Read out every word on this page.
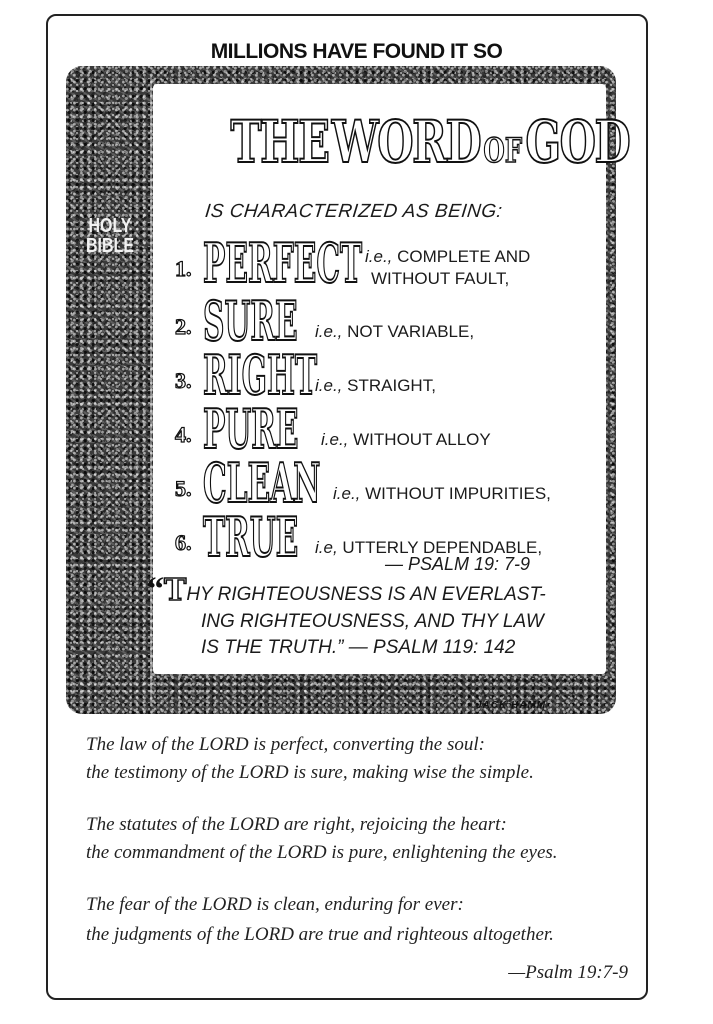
MILLIONS HAVE FOUND IT SO
HOLY
BIBLE
THE WORD OF GOD
IS CHARACTERIZED AS BEING:
1. PERFECT i.e., COMPLETE AND
WITHOUT FAULT,
2. SURE i.e., NOT VARIABLE,
3. RIGHT
i.e., STRAIGHT,
4. PURE i.e., WITHOUT ALLOY
5. CLEAN i.e., WITHOUT IMPURITIES,
6. TRUE i.e, UTTERLY DEPENDABLE,
— PSALM 19: 7-9
“THY RIGHTEOUSNESS IS AN EVERLAST-
ING RIGHTEOUSNESS, AND THY LAW
IS THE TRUTH.” — PSALM 119: 142
JACK HAMM
The law of the LORD is perfect, converting the soul:
the testimony of the LORD is sure, making wise the simple.
The statutes of the LORD are right, rejoicing the heart:
the commandment of the LORD is pure, enlightening the eyes.
The fear of the LORD is clean, enduring for ever:
the judgments of the LORD are true and righteous altogether.
—Psalm 19:7-9
